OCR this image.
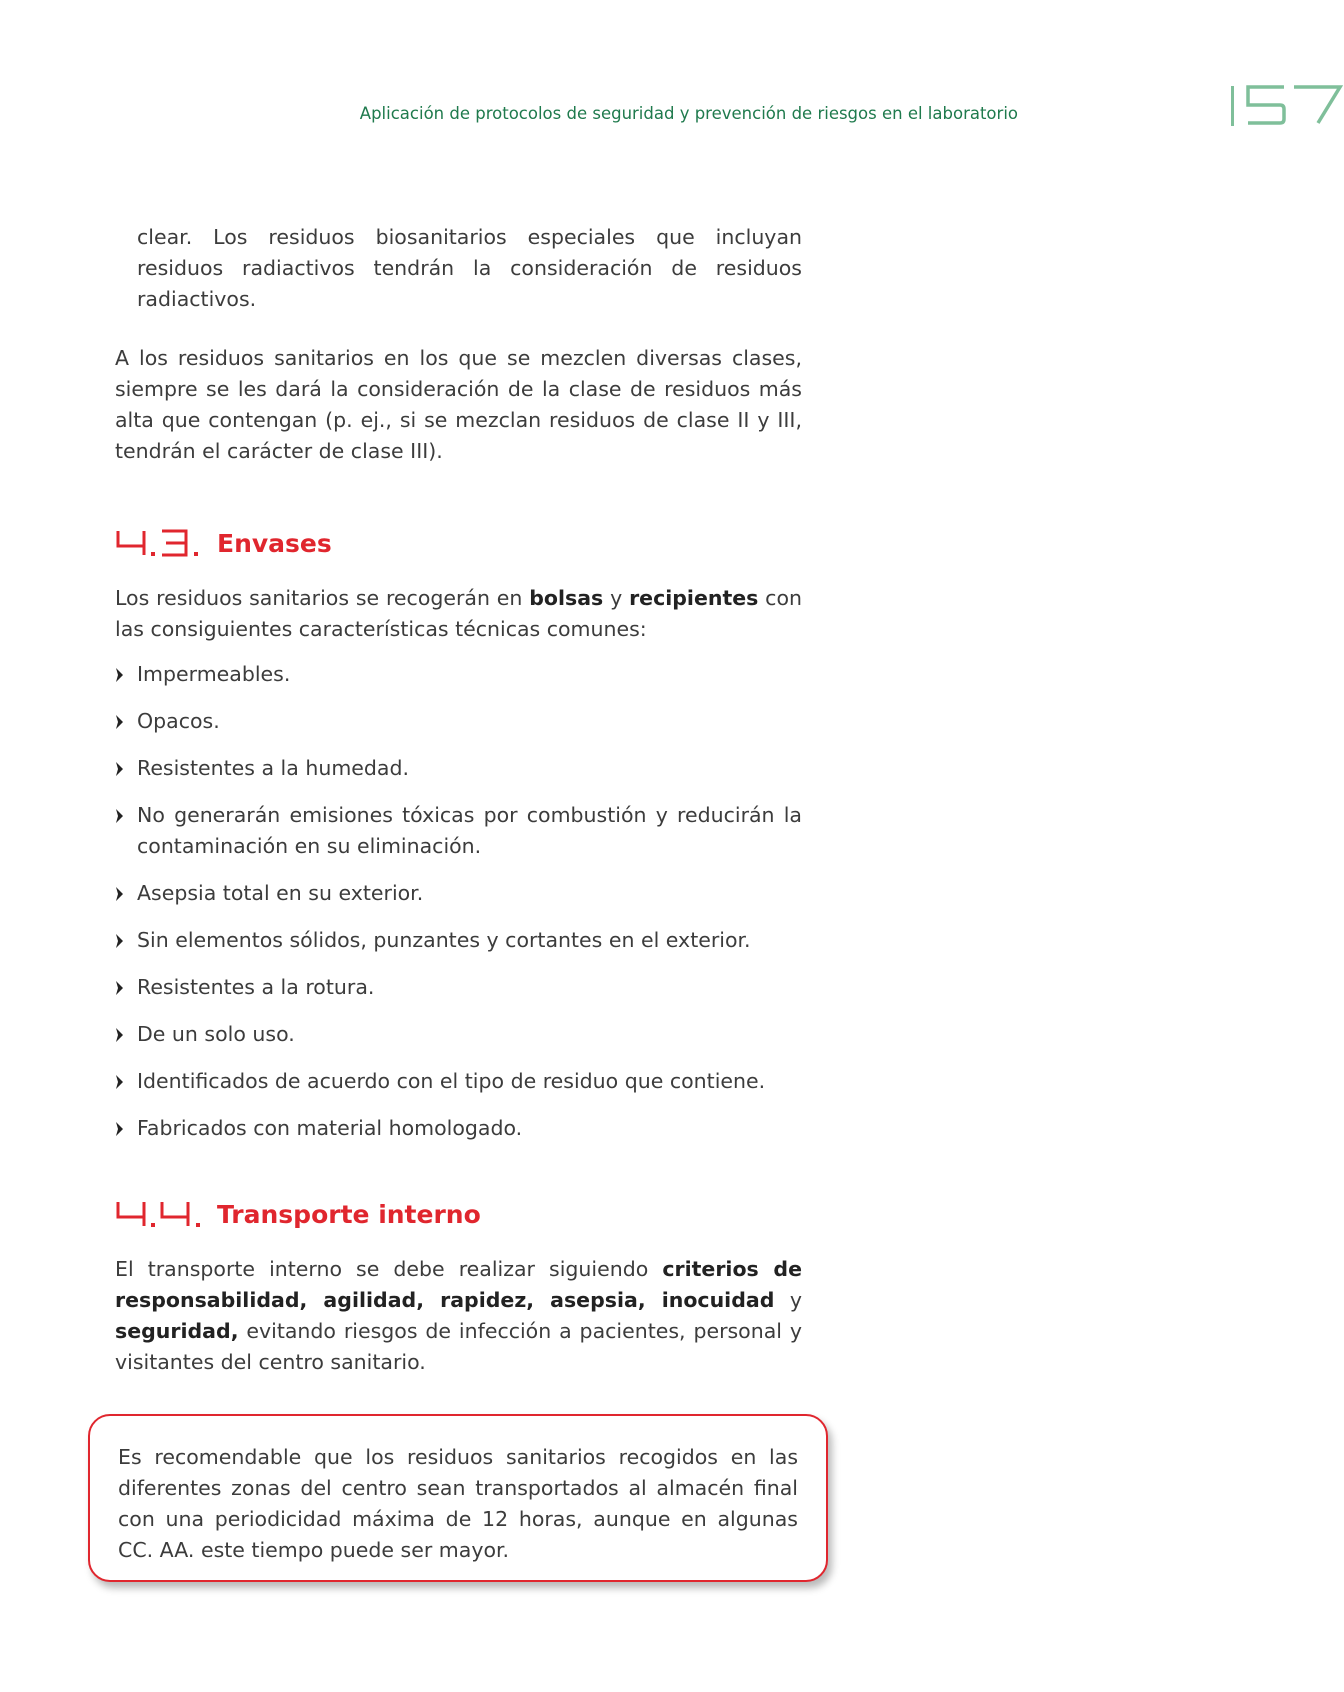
Aplicación de protocolos de seguridad y prevención de riesgos en el laboratorio
57

clear. Los residuos biosanitarios especiales que incluyan residuos radiactivos tendrán la consideración de residuos radiactivos.

A los residuos sanitarios en los que se mezclen diversas clases, siempre se les dará la consideración de la clase de residuos más alta que contengan (p. ej., si se mezclan residuos de clase II y III, tendrán el carácter de clase III).

4.3.	Envases

Los residuos sanitarios se recogerán en bolsas y recipientes con las consiguientes características técnicas comunes:

Impermeables.
Opacos.
Resistentes a la humedad.
No generarán emisiones tóxicas por combustión y reducirán la contaminación en su eliminación.
Asepsia total en su exterior.
Sin elementos sólidos, punzantes y cortantes en el exterior.
Resistentes a la rotura.
De un solo uso.
Identificados de acuerdo con el tipo de residuo que contiene.
Fabricados con material homologado.
4.4.	Transporte interno

El transporte interno se debe realizar siguiendo criterios de responsabilidad, agilidad, rapidez, asepsia, inocuidad y seguridad, evitando riesgos de infección a pacientes, personal y visitantes del centro sanitario.

Es recomendable que los residuos sanitarios recogidos en las diferentes zonas del centro sean transportados al almacén final con una periodicidad máxima de 12 horas, aunque en algunas CC. AA. este tiempo puede ser mayor.
